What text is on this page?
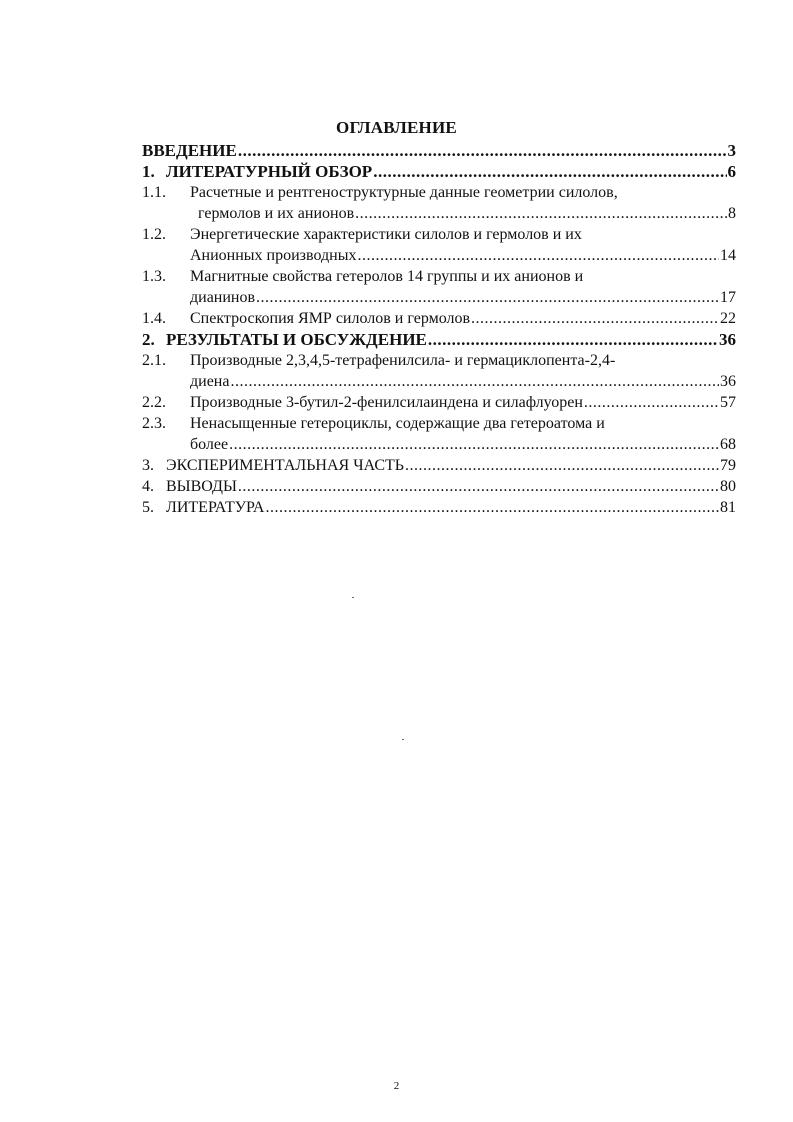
ОГЛАВЛЕНИЕ
ВВЕДЕНИЕ .....	3
1. ЛИТЕРАТУРНЫЙ ОБЗОР .....	6
1.1.	Расчетные и рентгеноструктурные данные геометрии силолов,
гермолов и их анионов .....	8
1.2.	Энергетические характеристики силолов и гермолов и их
Анионных производных .....	14
1.3.	Магнитные свойства гетеролов 14 группы и их анионов и
дианинов .....	17
1.4.	Спектроскопия ЯМР силолов и гермолов .....	22
2. РЕЗУЛЬТАТЫ И ОБСУЖДЕНИЕ .....	36
2.1.	Производные 2,3,4,5-тетрафенилсила- и гермациклопента-2,4-
диена .....	36
2.2.	Производные 3-бутил-2-фенилсилаиндена и силафлуорен .....	57
2.3.	Ненасыщенные гетероциклы, содержащие два гетероатома и
более .....	68
3. ЭКСПЕРИМЕНТАЛЬНАЯ ЧАСТЬ .....	79
4. ВЫВОДЫ .....	80
5. ЛИТЕРАТУРА .....	81
2
